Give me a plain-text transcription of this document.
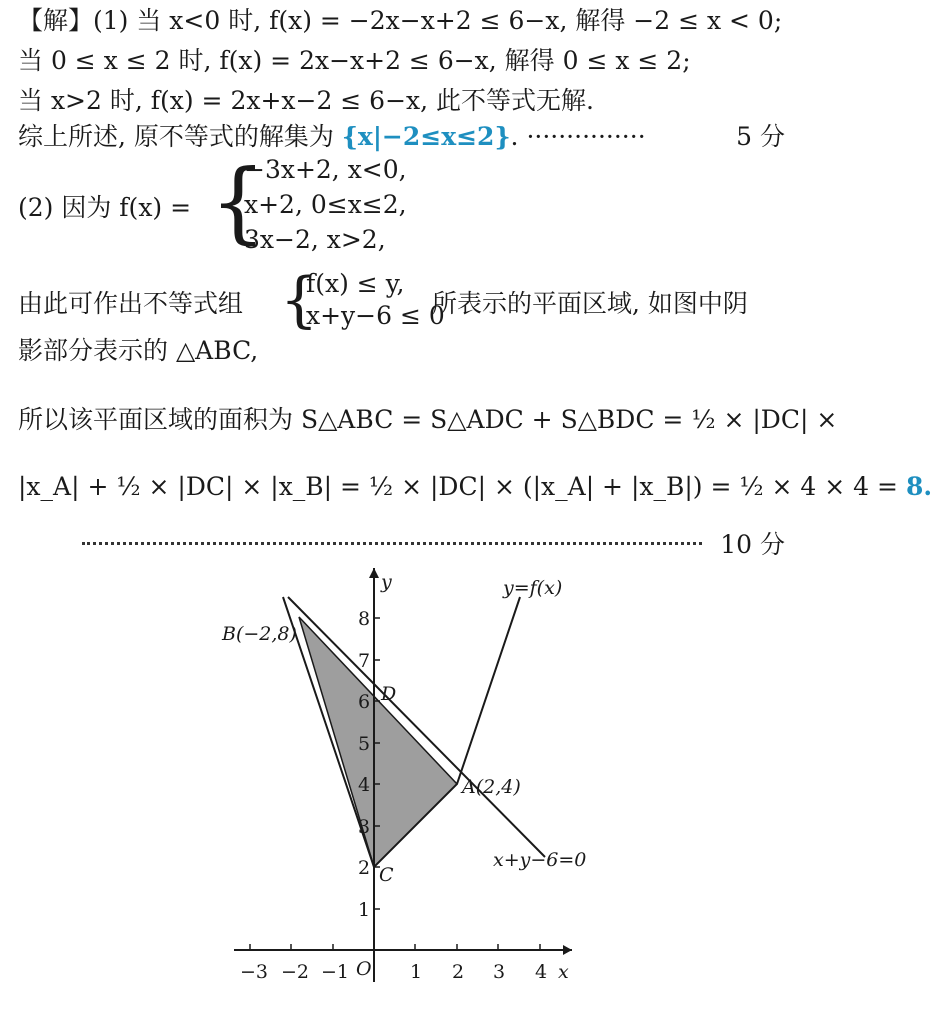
【解】(1) 当 x<0 时, f(x) = −2x−x+2 ≤ 6−x, 解得 −2 ≤ x < 0;
当 0 ≤ x ≤ 2 时, f(x) = 2x−x+2 ≤ 6−x, 解得 0 ≤ x ≤ 2;
当 x>2 时, f(x) = 2x+x−2 ≤ 6−x, 此不等式无解.
综上所述, 原不等式的解集为 {x|−2≤x≤2}. ···············	5 分
(2) 因为 f(x) = {
−3x+2, x<0,
x+2, 0≤x≤2,
3x−2, x>2,
由此可作出不等式组 {
f(x) ≤ y,
x+y−6 ≤ 0
所表示的平面区域, 如图中阴
影部分表示的 △ABC,
所以该平面区域的面积为 S△ABC = S△ADC + S△BDC = ½ × |DC| ×
|x_A| + ½ × |DC| × |x_B| = ½ × |DC| × (|x_A| + |x_B|) = ½ × 4 × 4 = 8.
10 分
−3 −2 −1	1 2 3 4
1
2
3
4
5
6
7
8
O	x
y
B(−2,8)
A(2,4)
C
D
y=f(x)
x+y−6=0
